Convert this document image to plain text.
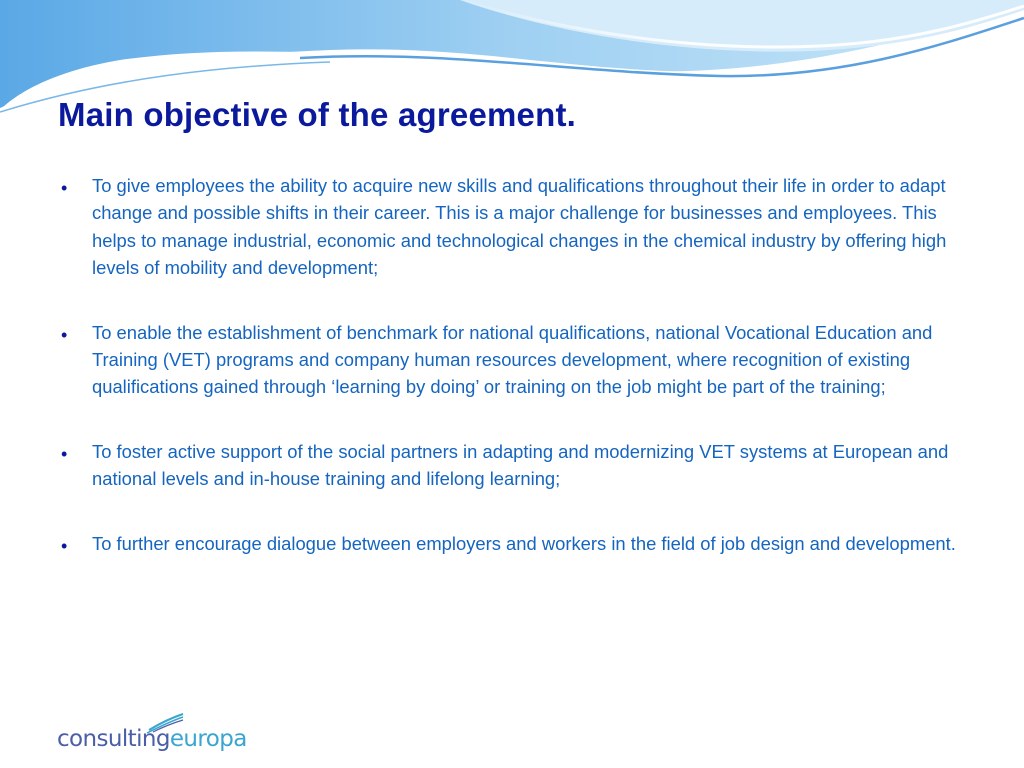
Main objective of the agreement.
• To give employees the ability to acquire new skills and qualifications throughout their life in order to adapt change and possible shifts in their career. This is a major challenge for businesses and employees. This helps to manage industrial, economic and technological changes in the chemical industry by offering high levels of mobility and development;
• To enable the establishment of benchmark for national qualifications, national Vocational Education and Training (VET) programs and company human resources development, where recognition of existing qualifications gained through ‘learning by doing’ or training on the job might be part of the training;
• To foster active support of the social partners in adapting and modernizing VET systems at European and national levels and in-house training and lifelong learning;
• To further encourage dialogue between employers and workers in the field of job design and development.
consultingeuropa
